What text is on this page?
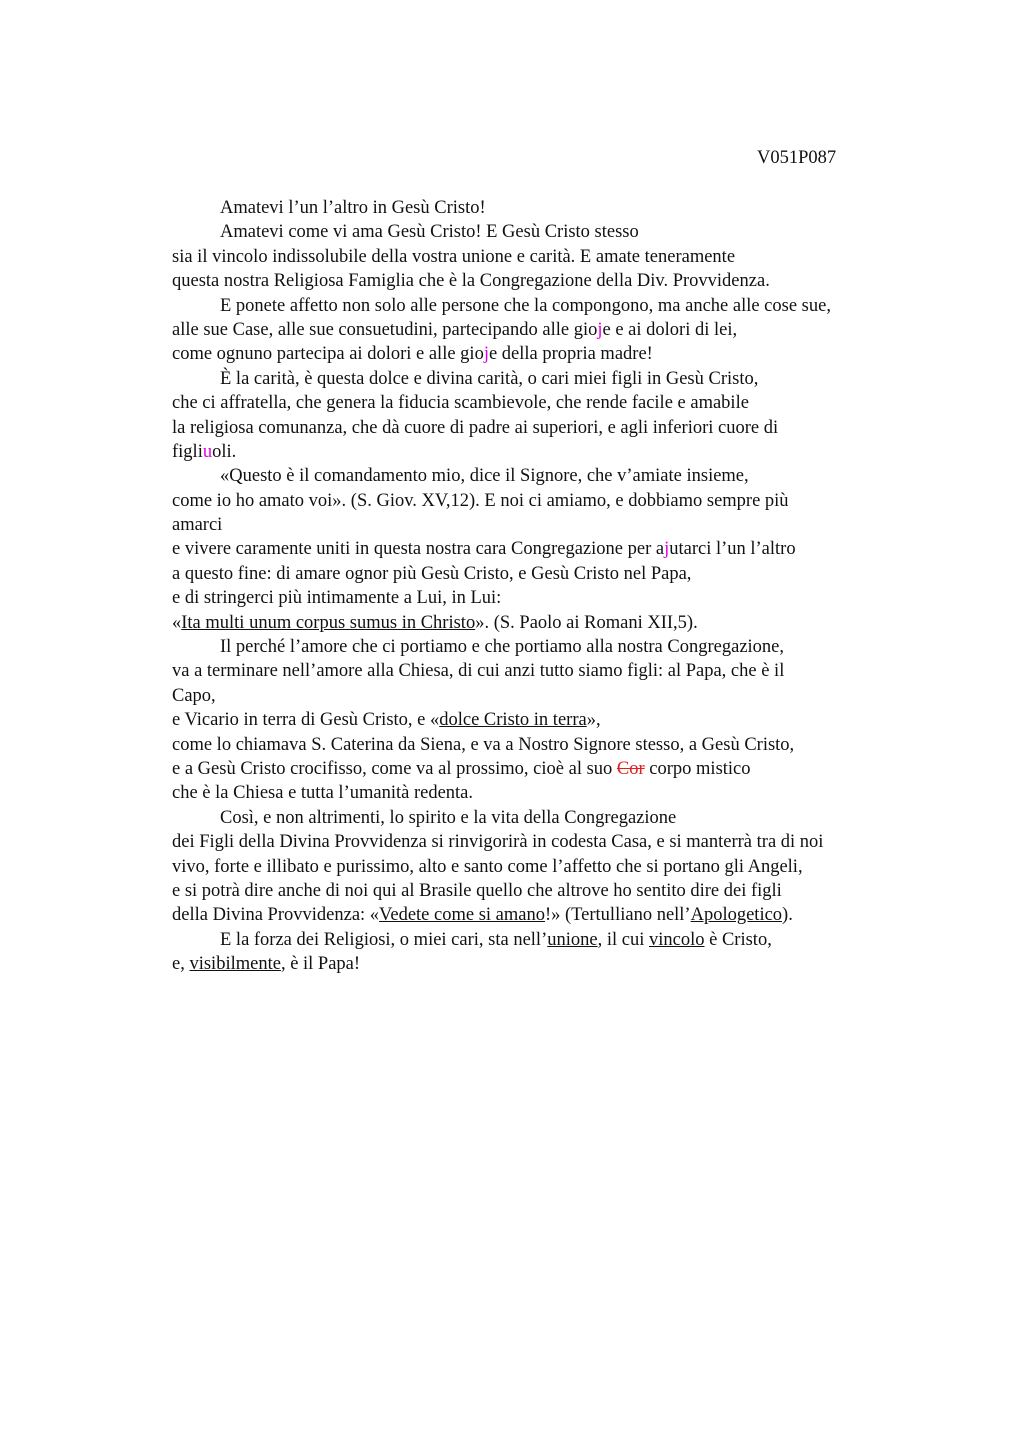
V051P087
Amatevi l’un l’altro in Gesù Cristo!
Amatevi come vi ama Gesù Cristo! E Gesù Cristo stesso
sia il vincolo indissolubile della vostra unione e carità. E amate teneramente
questa nostra Religiosa Famiglia che è la Congregazione della Div. Provvidenza.
E ponete affetto non solo alle persone che la compongono, ma anche alle cose sue,
alle sue Case, alle sue consuetudini, partecipando alle gioje e ai dolori di lei,
come ognuno partecipa ai dolori e alle gioje della propria madre!
È la carità, è questa dolce e divina carità, o cari miei figli in Gesù Cristo,
che ci affratella, che genera la fiducia scambievole, che rende facile e amabile
la religiosa comunanza, che dà cuore di padre ai superiori, e agli inferiori cuore di
figliuoli.
«Questo è il comandamento mio, dice il Signore, che v’amiate insieme,
come io ho amato voi». (S. Giov. XV,12). E noi ci amiamo, e dobbiamo sempre più
amarci
e vivere caramente uniti in questa nostra cara Congregazione per ajutarci l’un l’altro
a questo fine: di amare ognor più Gesù Cristo, e Gesù Cristo nel Papa,
e di stringerci più intimamente a Lui, in Lui:
«Ita multi unum corpus sumus in Christo». (S. Paolo ai Romani XII,5).
Il perché l’amore che ci portiamo e che portiamo alla nostra Congregazione,
va a terminare nell’amore alla Chiesa, di cui anzi tutto siamo figli: al Papa, che è il
Capo,
e Vicario in terra di Gesù Cristo, e «dolce Cristo in terra»,
come lo chiamava S. Caterina da Siena, e va a Nostro Signore stesso, a Gesù Cristo,
e a Gesù Cristo crocifisso, come va al prossimo, cioè al suo Cor corpo mistico
che è la Chiesa e tutta l’umanità redenta.
Così, e non altrimenti, lo spirito e la vita della Congregazione
dei Figli della Divina Provvidenza si rinvigorirà in codesta Casa, e si manterrà tra di noi
vivo, forte e illibato e purissimo, alto e santo come l’affetto che si portano gli Angeli,
e si potrà dire anche di noi qui al Brasile quello che altrove ho sentito dire dei figli
della Divina Provvidenza: «Vedete come si amano!» (Tertulliano nell’Apologetico).
E la forza dei Religiosi, o miei cari, sta nell’unione, il cui vincolo è Cristo,
e, visibilmente, è il Papa!
